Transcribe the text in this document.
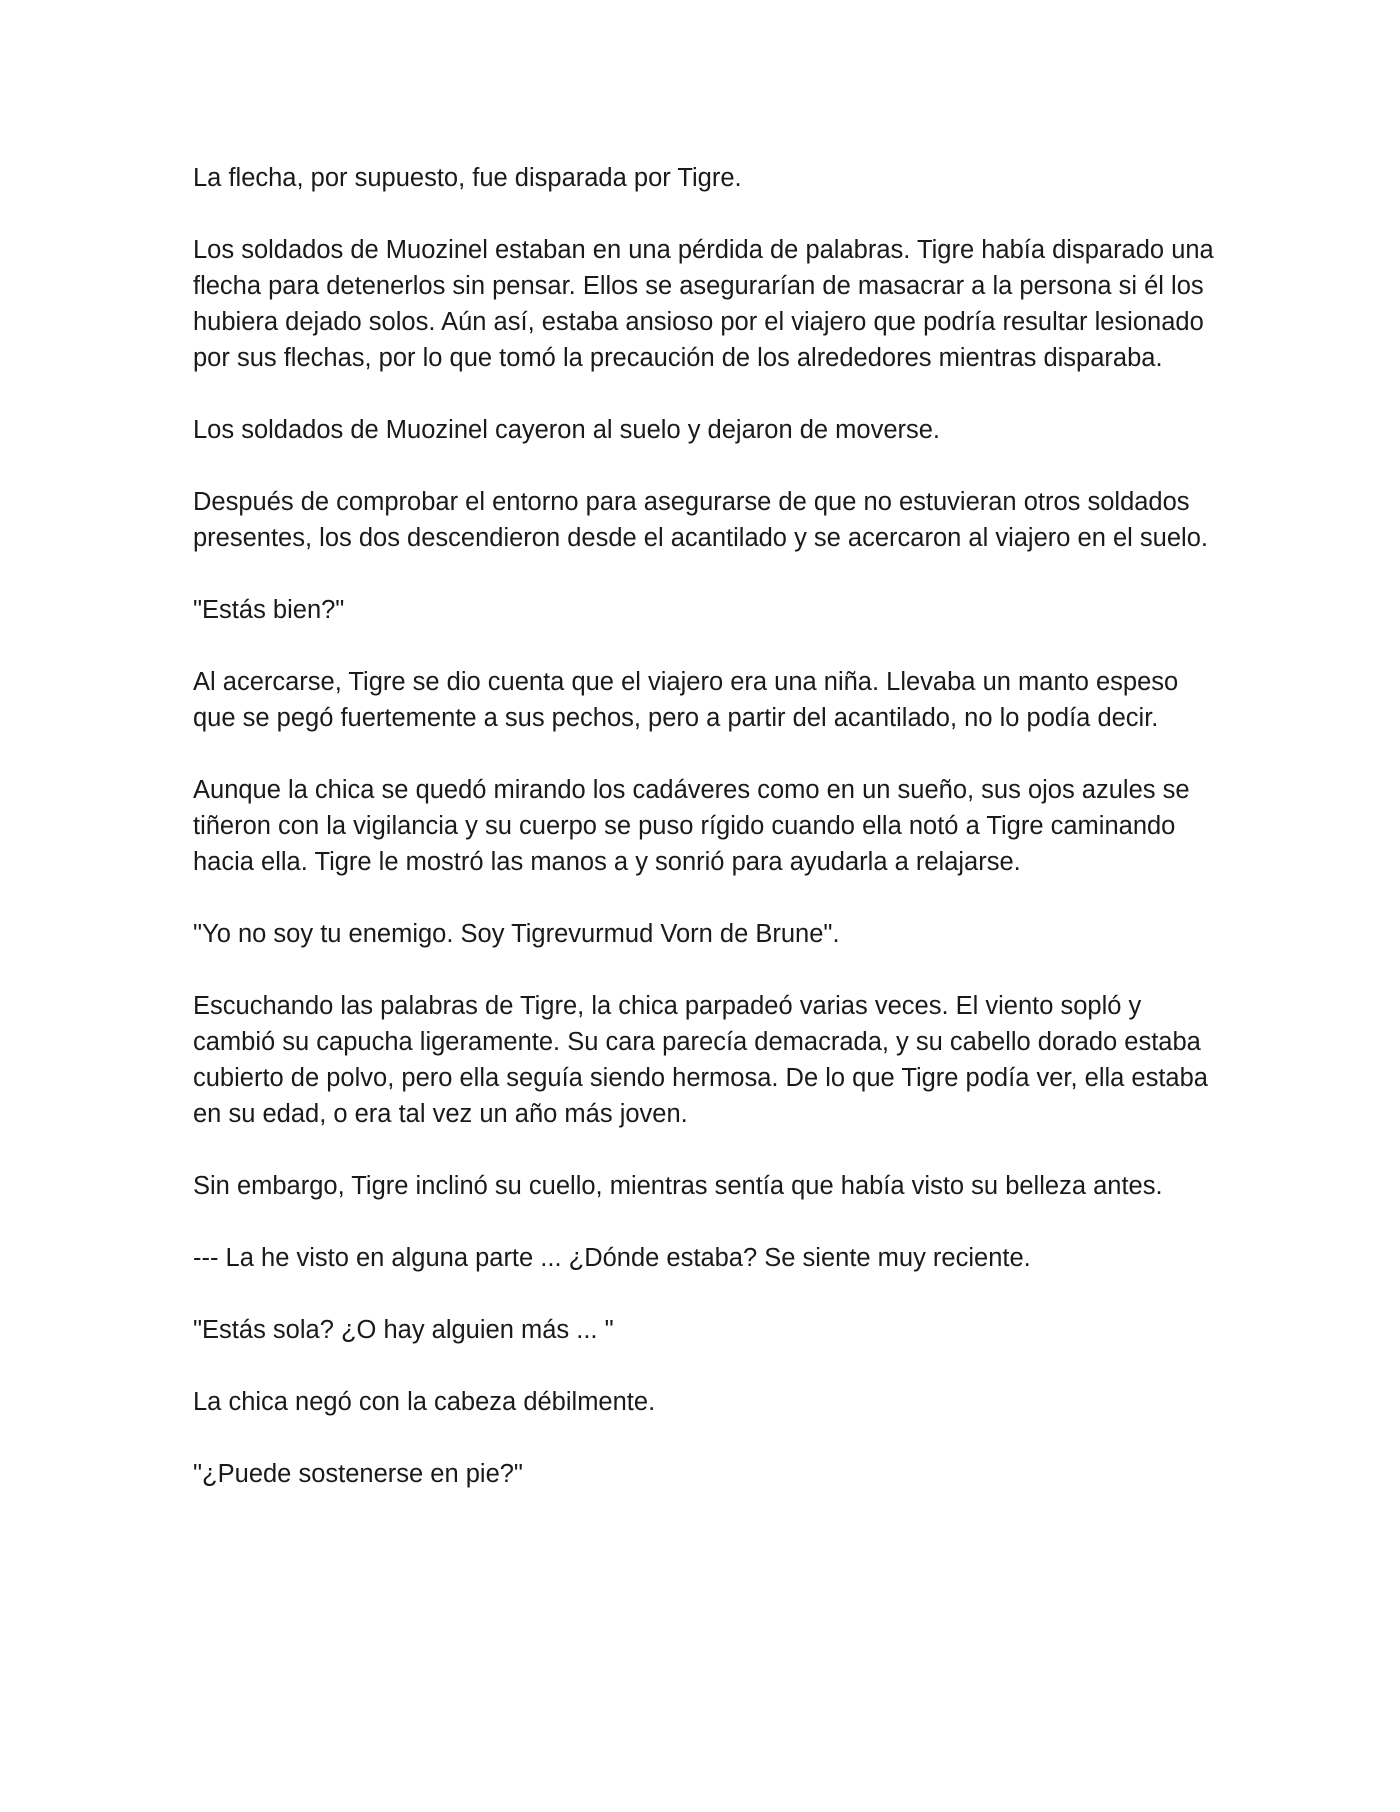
La flecha, por supuesto, fue disparada por Tigre.

Los soldados de Muozinel estaban en una pérdida de palabras. Tigre había disparado una flecha para detenerlos sin pensar. Ellos se asegurarían de masacrar a la persona si él los hubiera dejado solos. Aún así, estaba ansioso por el viajero que podría resultar lesionado por sus flechas, por lo que tomó la precaución de los alrededores mientras disparaba.

Los soldados de Muozinel cayeron al suelo y dejaron de moverse.

Después de comprobar el entorno para asegurarse de que no estuvieran otros soldados presentes, los dos descendieron desde el acantilado y se acercaron al viajero en el suelo.

"Estás bien?"

Al acercarse, Tigre se dio cuenta que el viajero era una niña. Llevaba un manto espeso que se pegó fuertemente a sus pechos, pero a partir del acantilado, no lo podía decir.

Aunque la chica se quedó mirando los cadáveres como en un sueño, sus ojos azules se tiñeron con la vigilancia y su cuerpo se puso rígido cuando ella notó a Tigre caminando hacia ella. Tigre le mostró las manos a y sonrió para ayudarla a relajarse.

"Yo no soy tu enemigo. Soy Tigrevurmud Vorn de Brune".

Escuchando las palabras de Tigre, la chica parpadeó varias veces. El viento sopló y cambió su capucha ligeramente. Su cara parecía demacrada, y su cabello dorado estaba cubierto de polvo, pero ella seguía siendo hermosa. De lo que Tigre podía ver, ella estaba en su edad, o era tal vez un año más joven.

Sin embargo, Tigre inclinó su cuello, mientras sentía que había visto su belleza antes.

--- La he visto en alguna parte ... ¿Dónde estaba? Se siente muy reciente.

"Estás sola? ¿O hay alguien más ... "

La chica negó con la cabeza débilmente.

"¿Puede sostenerse en pie?"
